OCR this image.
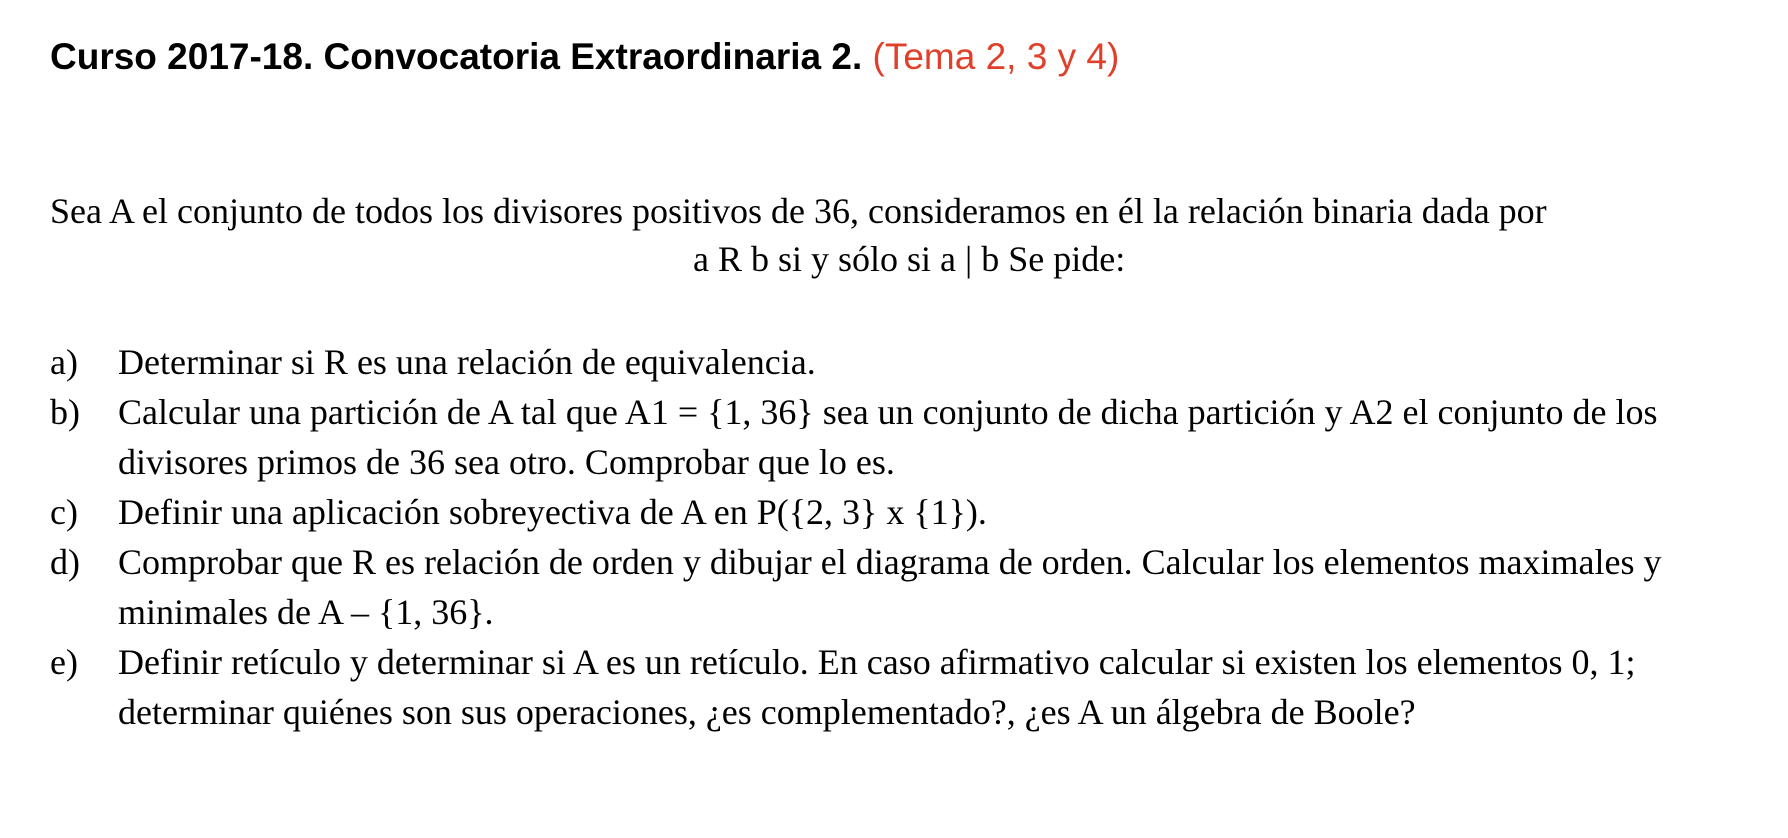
Curso 2017-18. Convocatoria Extraordinaria 2. (Tema 2, 3 y 4)
Sea A el conjunto de todos los divisores positivos de 36, consideramos en él la relación binaria dada por
a R b si y sólo si a | b Se pide:
a) Determinar si R es una relación de equivalencia.
b) Calcular una partición de A tal que A1 = {1, 36} sea un conjunto de dicha partición y A2 el conjunto de los divisores primos de 36 sea otro. Comprobar que lo es.
c) Definir una aplicación sobreyectiva de A en P({2, 3} x {1}).
d) Comprobar que R es relación de orden y dibujar el diagrama de orden. Calcular los elementos maximales y minimales de A – {1, 36}.
e) Definir retículo y determinar si A es un retículo. En caso afirmativo calcular si existen los elementos 0, 1; determinar quiénes son sus operaciones, ¿es complementado?, ¿es A un álgebra de Boole?
